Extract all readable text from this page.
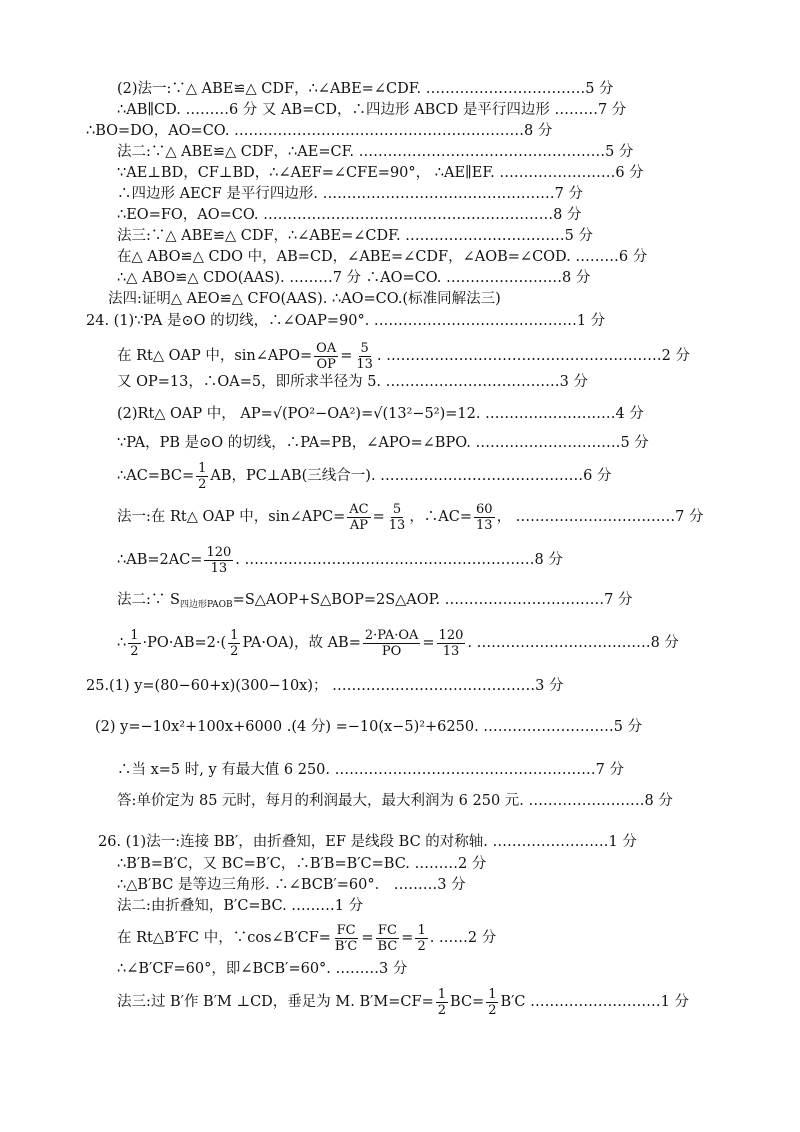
(2)法一:∵△ ABE≌△ CDF，∴∠ABE=∠CDF. ……………………………5 分
∴AB∥CD. ………6 分 又 AB=CD，∴四边形 ABCD 是平行四边形 ………7 分
∴BO=DO，AO=CO. ……………………………………………………8 分
法二:∵△ ABE≌△ CDF，∴AE=CF. ……………………………………………5 分
∵AE⊥BD，CF⊥BD，∴∠AEF=∠CFE=90°， ∴AE∥EF. ……………………6 分
∴四边形 AECF 是平行四边形. …………………………………………7 分
∴EO=FO，AO=CO. ……………………………………………………8 分
法三:∵△ ABE≌△ CDF，∴∠ABE=∠CDF. ……………………………5 分
在△ ABO≌△ CDO 中，AB=CD，∠ABE=∠CDF，∠AOB=∠COD. ………6 分
∴△ ABO≌△ CDO(AAS). ………7 分 ∴AO=CO. ……………………8 分
法四:证明△ AEO≌△ CFO(AAS). ∴AO=CO.(标准同解法三)
24. (1)∵PA 是⊙O 的切线，∴∠OAP=90°. ……………………………………1 分
在 Rt△ OAP 中，sin∠APO= $\frac{OA}{OP} = \frac{5}{13}$ . …………………………………………………2 分
又 OP=13，∴OA=5，即所求半径为 5. ………………………………3 分
(2)Rt△ OAP 中， AP=√(PO²−OA²)=√(13²−5²)=12. ………………………4 分
∵PA，PB 是⊙O 的切线，∴PA=PB，∠APO=∠BPO. …………………………5 分
∴AC=BC= $\frac{1}{2}$ AB，PC⊥AB(三线合一). ……………………………………6 分
法一:在 Rt△ OAP 中，sin∠APC= $\frac{AC}{AP} = \frac{5}{13}$ ，∴AC= $\frac{60}{13}$ ， ……………………………7 分
∴AB=2AC= $\frac{120}{13}$ . ……………………………………………………8 分
法二:∵ $S_{四边形PAOB}=S\triangle AOP+S\triangle BOP=2S\triangle AOP$. ……………………………7 分
∴ 1
2 ·PO·AB=2·( 1
2 PA·OA)，故 $AB= \frac{2\cdot PA\cdot OA}{PO} = \frac{120}{13}$ . ………………………………8 分
25.(1) y=(80−60+x)(300−10x)； ……………………………………3 分
(2) y=−10x²+100x+6000 .(4 分) =−10(x−5)²+6250. ………………………5 分
∴当 x=5 时, y 有最大值 6 250. ………………………………………………7 分
答:单价定为 85 元时，每月的利润最大，最大利润为 6 250 元. ……………………8 分
26. (1)法一:连接 BB′，由折叠知，EF 是线段 BC 的对称轴. ……………………1 分
∴B′B=B′C，又 BC=B′C，∴B′B=B′C=BC. ………2 分
∴△B′BC 是等边三角形. ∴∠BCB′=60°． ………3 分
法二:由折叠知，B′C=BC. ………1 分
在 Rt△B′FC 中，∵cos∠B′CF= $\frac{FC}{B'C} = \frac{FC}{BC} = \frac{1}{2}$ . ……2 分
∴∠B′CF=60°，即∠BCB′=60°. ………3 分
法三:过 B′作 B′M ⊥CD，垂足为 M. $B'M=CF= \frac{1}{2} BC= \frac{1}{2} B'C$ ………………………1 分
